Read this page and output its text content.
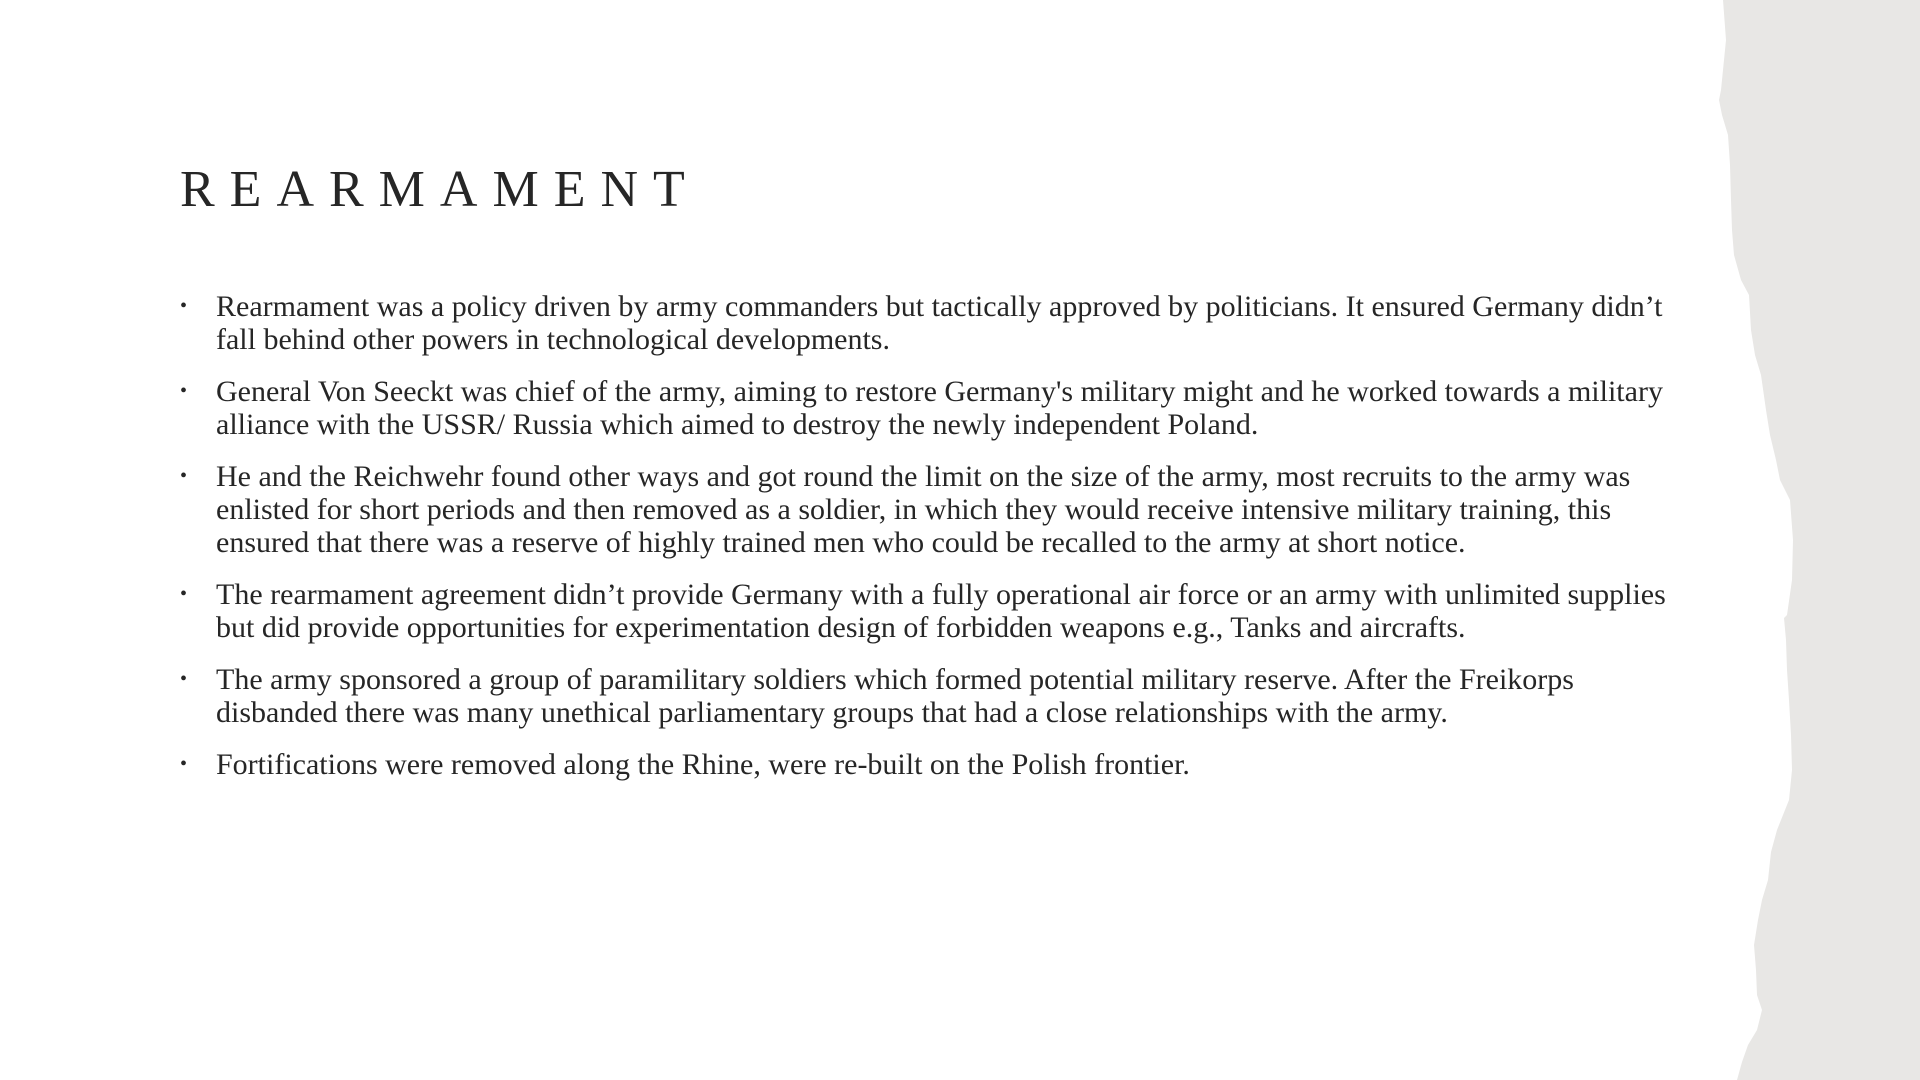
REARMAMENT
• Rearmament was a policy driven by army commanders but tactically approved by politicians. It ensured Germany didn’t fall behind other powers in technological developments.
• General Von Seeckt was chief of the army, aiming to restore Germany's military might and he worked towards a military alliance with the USSR/ Russia which aimed to destroy the newly independent Poland.
• He and the Reichwehr found other ways and got round the limit on the size of the army, most recruits to the army was enlisted for short periods and then removed as a soldier, in which they would receive intensive military training, this ensured that there was a reserve of highly trained men who could be recalled to the army at short notice.
• The rearmament agreement didn’t provide Germany with a fully operational air force or an army with unlimited supplies but did provide opportunities for experimentation design of forbidden weapons e.g., Tanks and aircrafts.
• The army sponsored a group of paramilitary soldiers which formed potential military reserve. After the Freikorps disbanded there was many unethical parliamentary groups that had a close relationships with the army.
• Fortifications were removed along the Rhine, were re-built on the Polish frontier.
